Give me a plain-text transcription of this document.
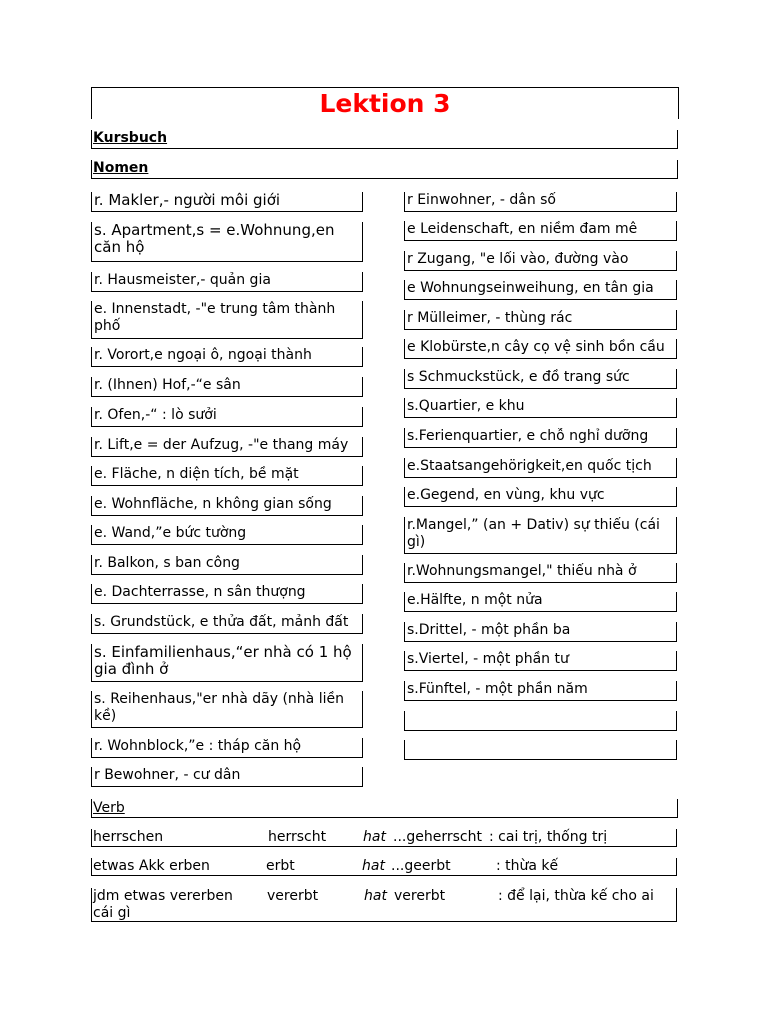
Lektion 3
Kursbuch
Nomen
r. Makler,- người môi giới
s. Apartment,s = e.Wohnung,en căn hộ
r. Hausmeister,- quản gia
e. Innenstadt, -"e trung tâm thành phố
r. Vorort,e ngoại ô, ngoại thành
r. (Ihnen) Hof,-“e sân
r. Ofen,-“ : lò sưởi
r. Lift,e = der Aufzug, -"e thang máy
e. Fläche, n diện tích, bề mặt
e. Wohnfläche, n không gian sống
e. Wand,”e bức tường
r. Balkon, s ban công
e. Dachterrasse, n sân thượng
s. Grundstück, e thửa đất, mảnh đất
s. Einfamilienhaus,“er nhà có 1 hộ gia đình ở
s. Reihenhaus,"er nhà dãy (nhà liền kề)
r. Wohnblock,”e : tháp căn hộ
r Bewohner, - cư dân
r Einwohner, - dân số
e Leidenschaft, en niềm đam mê
r Zugang, "e lối vào, đường vào
e Wohnungseinweihung, en tân gia
r Mülleimer, - thùng rác
e Klobürste,n cây cọ vệ sinh bồn cầu
s Schmuckstück, e đồ trang sức
s.Quartier, e khu
s.Ferienquartier, e chỗ nghỉ dưỡng
e.Staatsangehörigkeit,en quốc tịch
e.Gegend, en vùng, khu vực
r.Mangel,” (an + Dativ) sự thiếu (cái gì)
r.Wohnungsmangel," thiếu nhà ở
e.Hälfte, n một nửa
s.Drittel, - một phần ba
s.Viertel, - một phần tư
s.Fünftel, - một phần năm
Verb
herrschen	herrscht	hat ...geherrscht : cai trị, thống trị
etwas Akk erben	erbt	hat ...geerbt	: thừa kế
jdm etwas vererben vererbt	hat vererbt	: để lại, thừa kế cho ai
cái gì
